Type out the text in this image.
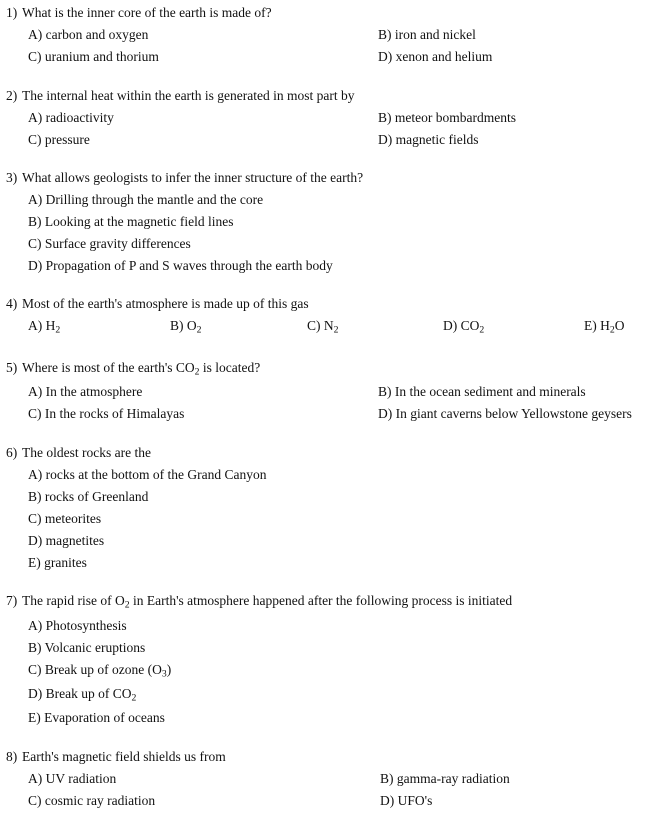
1) What is the inner core of the earth is made of?
A) carbon and oxygen	B) iron and nickel
C) uranium and thorium	D) xenon and helium
2) The internal heat within the earth is generated in most part by
A) radioactivity	B) meteor bombardments
C) pressure	D) magnetic fields
3) What allows geologists to infer the inner structure of the earth?
A) Drilling through the mantle and the core
B) Looking at the magnetic field lines
C) Surface gravity differences
D) Propagation of P and S waves through the earth body
4) Most of the earth's atmosphere is made up of this gas
A) $H_2$	B) $O_2$	C) $N_2$	D) $CO_2$	E) $H_2O$
5) Where is most of the earth's $CO_2$ is located?
A) In the atmosphere	B) In the ocean sediment and minerals
C) In the rocks of Himalayas	D) In giant caverns below Yellowstone geysers
6) The oldest rocks are the
A) rocks at the bottom of the Grand Canyon
B) rocks of Greenland
C) meteorites
D) magnetites
E) granites
7) The rapid rise of $O_2$ in Earth's atmosphere happened after the following process is initiated
A) Photosynthesis
B) Volcanic eruptions
C) Break up of ozone $(O_3)$
D) Break up of $CO_2$
E) Evaporation of oceans
8) Earth's magnetic field shields us from
A) UV radiation	B) gamma-ray radiation
C) cosmic ray radiation	D) UFO's
